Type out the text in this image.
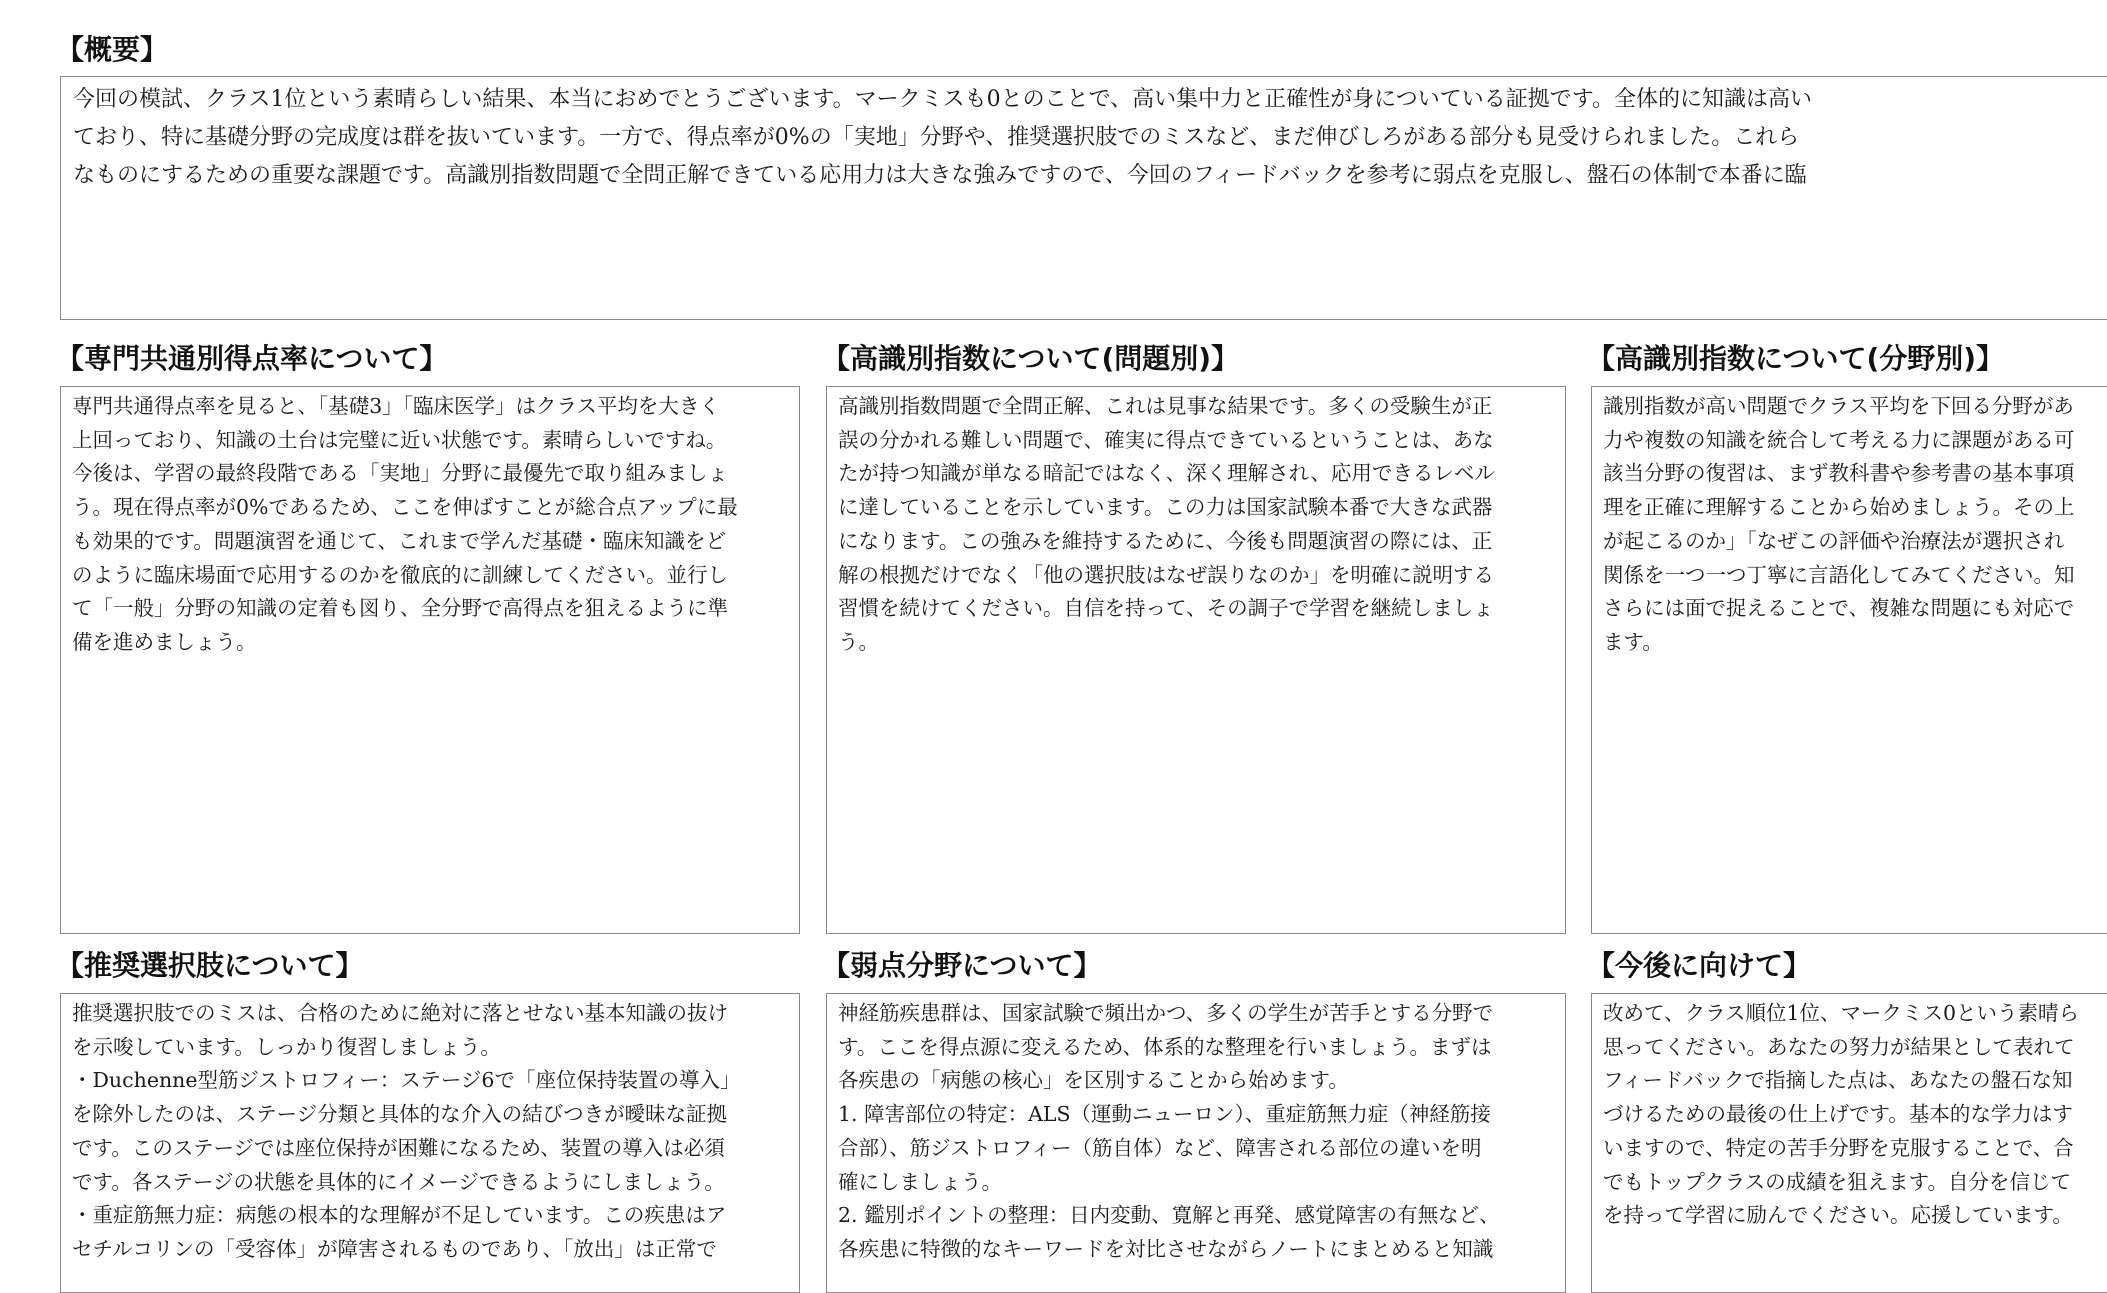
【概要】

今回の模試、クラス1位という素晴らしい結果、本当におめでとうございます。マークミスも0とのことで、高い集中力と正確性が身についている証拠です。全体的に知識は高い
ており、特に基礎分野の完成度は群を抜いています。一方で、得点率が0%の「実地」分野や、推奨選択肢でのミスなど、まだ伸びしろがある部分も見受けられました。これら
なものにするための重要な課題です。高識別指数問題で全問正解できている応用力は大きな強みですので、今回のフィードバックを参考に弱点を克服し、盤石の体制で本番に臨

【専門共通別得点率について】

専門共通得点率を見ると、「基礎3」「臨床医学」はクラス平均を大きく
上回っており、知識の土台は完璧に近い状態です。素晴らしいですね。
今後は、学習の最終段階である「実地」分野に最優先で取り組みましょ
う。現在得点率が0%であるため、ここを伸ばすことが総合点アップに最
も効果的です。問題演習を通じて、これまで学んだ基礎・臨床知識をど
のように臨床場面で応用するのかを徹底的に訓練してください。並行し
て「一般」分野の知識の定着も図り、全分野で高得点を狙えるように準
備を進めましょう。

【高識別指数について(問題別)】

高識別指数問題で全問正解、これは見事な結果です。多くの受験生が正
誤の分かれる難しい問題で、確実に得点できているということは、あな
たが持つ知識が単なる暗記ではなく、深く理解され、応用できるレベル
に達していることを示しています。この力は国家試験本番で大きな武器
になります。この強みを維持するために、今後も問題演習の際には、正
解の根拠だけでなく「他の選択肢はなぜ誤りなのか」を明確に説明する
習慣を続けてください。自信を持って、その調子で学習を継続しましょ
う。

【高識別指数について(分野別)】

識別指数が高い問題でクラス平均を下回る分野があ
力や複数の知識を統合して考える力に課題がある可
該当分野の復習は、まず教科書や参考書の基本事項
理を正確に理解することから始めましょう。その上
が起こるのか」「なぜこの評価や治療法が選択され
関係を一つ一つ丁寧に言語化してみてください。知
さらには面で捉えることで、複雑な問題にも対応で
ます。

【推奨選択肢について】

推奨選択肢でのミスは、合格のために絶対に落とせない基本知識の抜け
を示唆しています。しっかり復習しましょう。
・Duchenne型筋ジストロフィー：ステージ6で「座位保持装置の導入」
を除外したのは、ステージ分類と具体的な介入の結びつきが曖昧な証拠
です。このステージでは座位保持が困難になるため、装置の導入は必須
です。各ステージの状態を具体的にイメージできるようにしましょう。
・重症筋無力症：病態の根本的な理解が不足しています。この疾患はア
セチルコリンの「受容体」が障害されるものであり、「放出」は正常で

【弱点分野について】

神経筋疾患群は、国家試験で頻出かつ、多くの学生が苦手とする分野で
す。ここを得点源に変えるため、体系的な整理を行いましょう。まずは
各疾患の「病態の核心」を区別することから始めます。
1. 障害部位の特定：ALS（運動ニューロン）、重症筋無力症（神経筋接
合部）、筋ジストロフィー（筋自体）など、障害される部位の違いを明
確にしましょう。
2. 鑑別ポイントの整理：日内変動、寛解と再発、感覚障害の有無など、
各疾患に特徴的なキーワードを対比させながらノートにまとめると知識

【今後に向けて】

改めて、クラス順位1位、マークミス0という素晴ら
思ってください。あなたの努力が結果として表れて
フィードバックで指摘した点は、あなたの盤石な知
づけるための最後の仕上げです。基本的な学力はす
いますので、特定の苦手分野を克服することで、合
でもトップクラスの成績を狙えます。自分を信じて
を持って学習に励んでください。応援しています。
